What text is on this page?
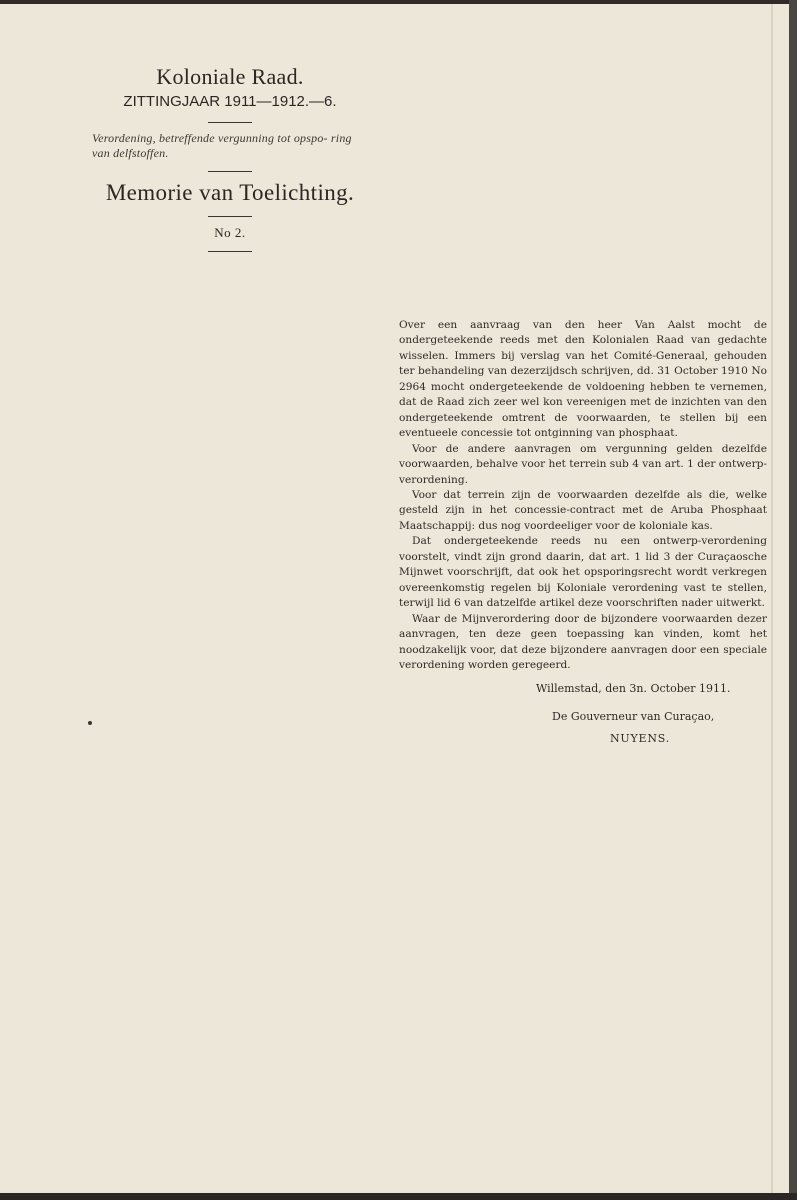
Koloniale Raad.
ZITTINGJAAR 1911—1912.—6.
Verordening, betreffende vergunning tot opspo- ring van delfstoffen.
Memorie van Toelichting.
No 2.

Over een aanvraag van den heer Van Aalst mocht de ondergeteekende reeds met den Kolonialen Raad van gedachte wisselen. Immers bij verslag van het Comité-Generaal, gehouden ter behandeling van dezerzijdsch schrijven, dd. 31 October 1910 No 2964 mocht ondergeteekende de voldoening hebben te vernemen, dat de Raad zich zeer wel kon vereenigen met de inzichten van den ondergeteekende omtrent de voorwaarden, te stellen bij een eventueele concessie tot ontginning van phosphaat.

Voor de andere aanvragen om vergunning gelden dezelfde voorwaarden, behalve voor het terrein sub 4 van art. 1 der ontwerp-verordening.

Voor dat terrein zijn de voorwaarden dezelfde als die, welke gesteld zijn in het concessie-contract met de Aruba Phosphaat Maatschappij: dus nog voordeeliger voor de koloniale kas.

Dat ondergeteekende reeds nu een ontwerp-verordening voorstelt, vindt zijn grond daarin, dat art. 1 lid 3 der Curaçaosche Mijnwet voorschrijft, dat ook het opsporingsrecht wordt verkregen overeenkomstig regelen bij Koloniale verordening vast te stellen, terwijl lid 6 van datzelfde artikel deze voorschriften nader uitwerkt.

Waar de Mijnverordering door de bijzondere voorwaarden dezer aanvragen, ten deze geen toepassing kan vinden, komt het noodzakelijk voor, dat deze bijzondere aanvragen door een speciale verordening worden geregeerd.

Willemstad, den 3n. October 1911.
De Gouverneur van Curaçao,
NUYENS.
